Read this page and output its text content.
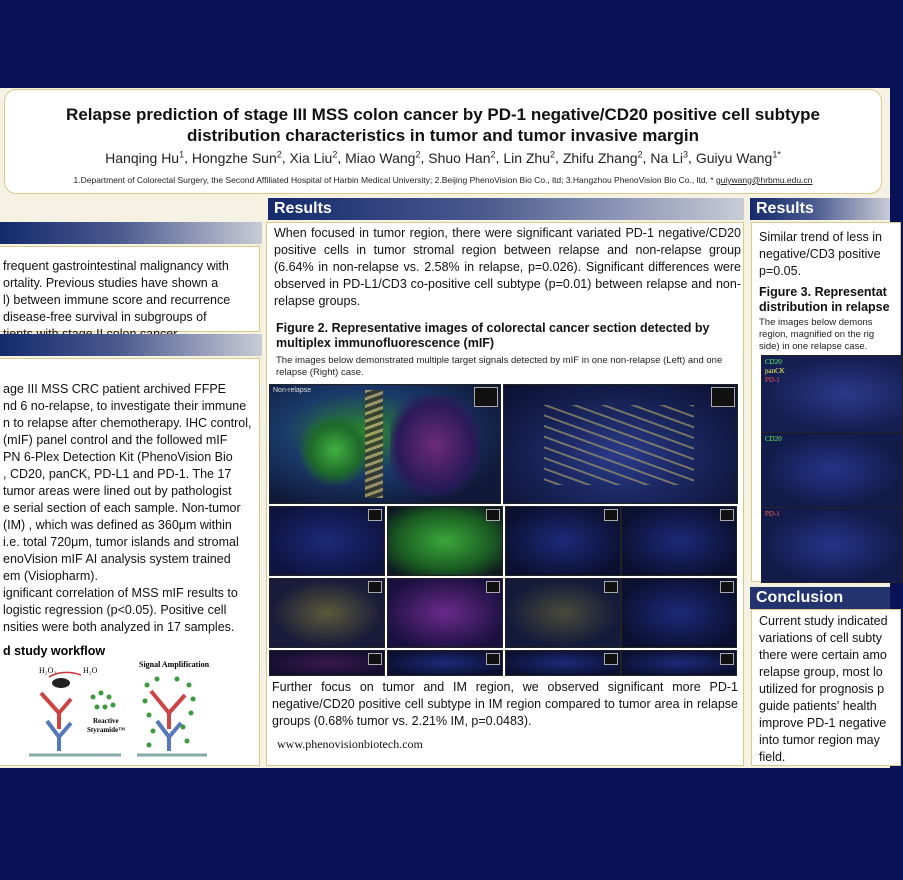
Relapse prediction of stage III MSS colon cancer by PD-1 negative/CD20 positive cell subtype distribution characteristics in tumor and tumor invasive margin
Hanqing Hu$^1$, Hongzhe Sun$^2$, Xia Liu$^2$, Miao Wang$^2$, Shuo Han$^2$, Lin Zhu$^2$, Zhifu Zhang$^2$, Na Li$^3$, Guiyu Wang$^{1*}$
1.Department of Colorectal Surgery, the Second Affiliated Hospital of Harbin Medical University; 2.Beijing PhenoVision Bio Co., ltd; 3.Hangzhou PhenoVision Bio Co., ltd, * guiywang@hrbmu.edu.cn
frequent gastrointestinal malignancy with
ortality. Previous studies have shown a
l) between immune score and recurrence
disease-free survival in subgroups of
age III MSS CRC patient archived FFPE
nd 6 no-relapse, to investigate their immune
n to relapse after chemotherapy. IHC control,
(mIF) panel control and the followed mIF
PN 6-Plex Detection Kit (PhenoVision Bio
, CD20, panCK, PD-L1 and PD-1. The 17
tumor areas were lined out by pathologist
e serial section of each sample. Non-tumor
(IM) , which was defined as 360μm within
i.e. total 720μm, tumor islands and stromal
enoVision mIF AI analysis system trained
em (Visiopharm).
ignificant correlation of MSS mIF results to
logistic regression (p<0.05). Positive cell
nsities were both analyzed in 17 samples.
d study workflow
H₂O₂	H₂O
Reactive
Styramide™
Signal Amplification
Results
When focused in tumor region, there were significant variated PD-1 negative/CD20 positive cells in tumor stromal region between relapse and non-relapse group (6.64% in non-relapse vs. 2.58% in relapse, p=0.026). Significant differences were observed in PD-L1/CD3 co-positive cell subtype (p=0.01) between relapse and non-relapse groups.
Figure 2. Representative images of colorectal cancer section detected by multiplex immunofluorescence (mIF)
The images below demonstrated multiple target signals detected by mIF in one non-relapse (Left) and one relapse (Right) case.
Non-relapse
Further focus on tumor and IM region, we observed significant more PD-1 negative/CD20 positive cell subtype in IM region compared to tumor area in relapse groups (0.68% tumor vs. 2.21% IM, p=0.0483).
www.phenovisionbiotech.com
Results
Similar trend of less in
negative/CD3 positive
p=0.05.
Figure 3. Representat
distribution in relapse
The images below demons
region, magnified on the rig
side) in one relapse case.
CD20
panCK
PD-1
CD20
PD-1
Conclusion
Current study indicated
variations of cell subty
there were certain amo
relapse group, most lo
utilized for prognosis p
guide patients' health
improve PD-1 negative
into tumor region may
field.
